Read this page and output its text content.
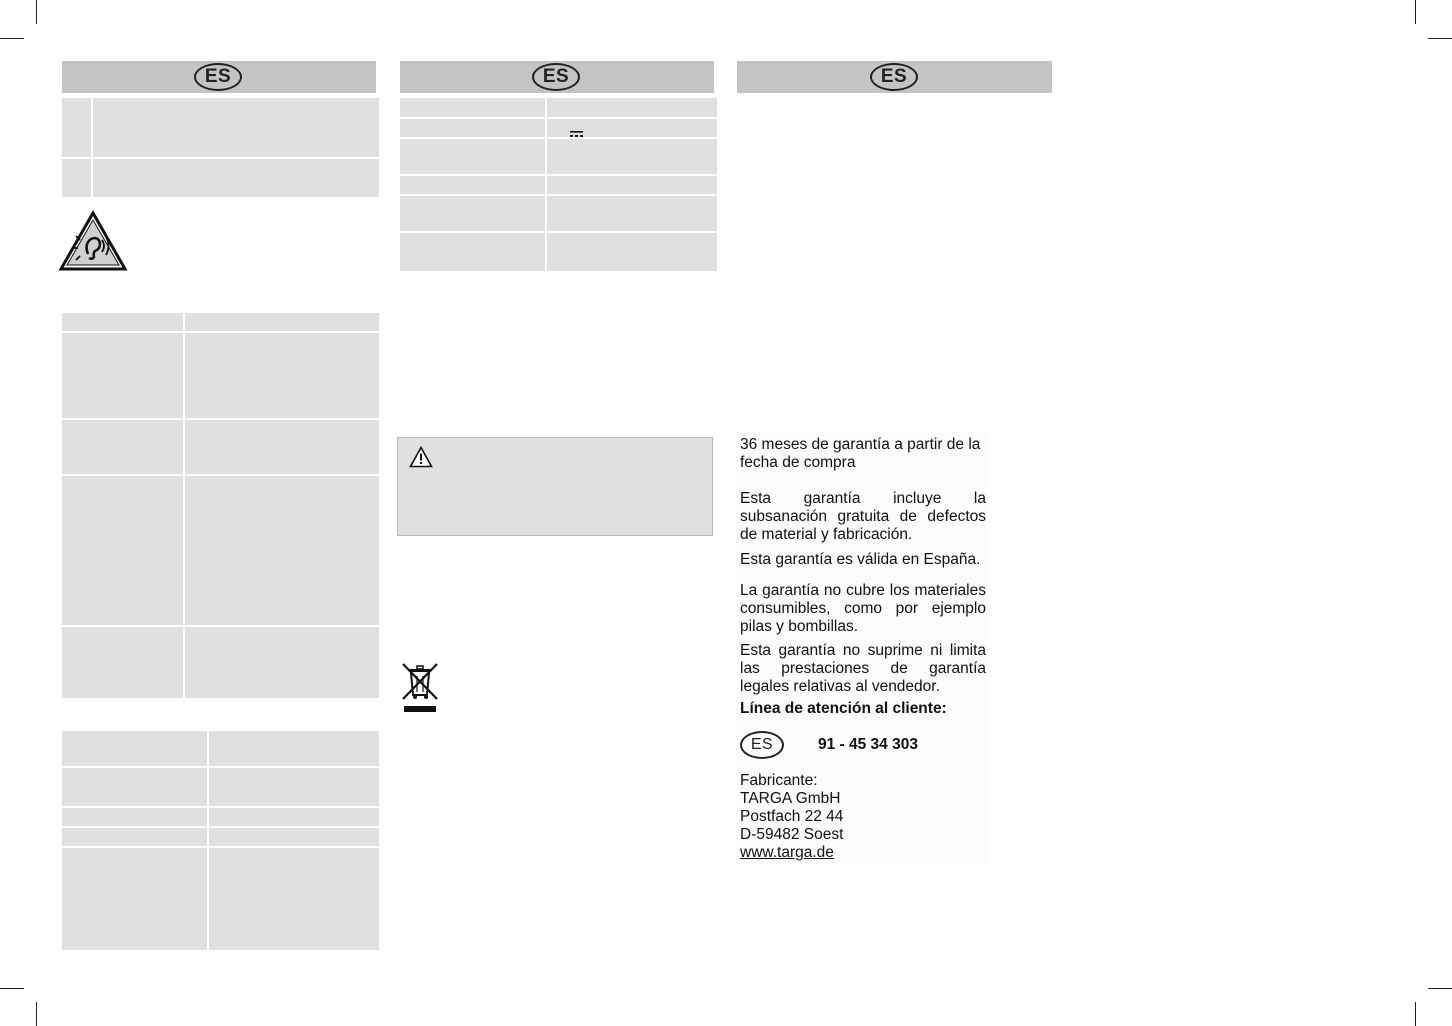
ES	ES	ES

36 meses de garantía a partir de la fecha de compra

Esta garantía incluye la subsanación gratuita de defectos de material y fabricación.

Esta garantía es válida en España.

La garantía no cubre los materiales consumibles, como por ejemplo pilas y bombillas.

Esta garantía no suprime ni limita las prestaciones de garantía legales relativas al vendedor.

Línea de atención al cliente:

ES	91 - 45 34 303

Fabricante:

TARGA GmbH

Postfach 22 44

D-59482 Soest

www.targa.de
